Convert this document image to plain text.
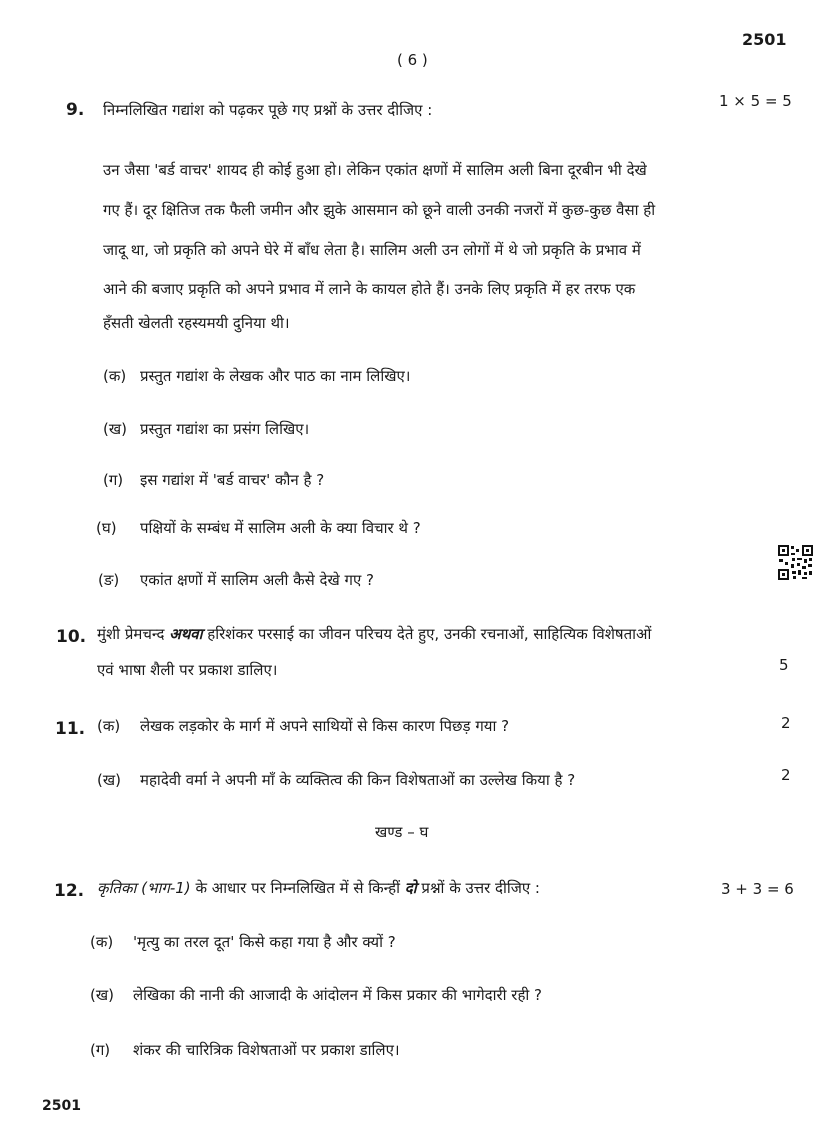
2501
( 6 )
9. निम्नलिखित गद्यांश को पढ़कर पूछे गए प्रश्नों के उत्तर दीजिए :	1 × 5 = 5
उन जैसा 'बर्ड वाचर' शायद ही कोई हुआ हो। लेकिन एकांत क्षणों में सालिम अली बिना दूरबीन भी देखे
गए हैं। दूर क्षितिज तक फैली जमीन और झुके आसमान को छूने वाली उनकी नजरों में कुछ-कुछ वैसा ही
जादू था, जो प्रकृति को अपने घेरे में बाँध लेता है। सालिम अली उन लोगों में थे जो प्रकृति के प्रभाव में
आने की बजाए प्रकृति को अपने प्रभाव में लाने के कायल होते हैं। उनके लिए प्रकृति में हर तरफ एक
हँसती खेलती रहस्यमयी दुनिया थी।
(क) प्रस्तुत गद्यांश के लेखक और पाठ का नाम लिखिए।
(ख) प्रस्तुत गद्यांश का प्रसंग लिखिए।
(ग) इस गद्यांश में 'बर्ड वाचर' कौन है ?
(घ) पक्षियों के सम्बंध में सालिम अली के क्या विचार थे ?
(ङ) एकांत क्षणों में सालिम अली कैसे देखे गए ?
10. मुंशी प्रेमचन्द अथवा हरिशंकर परसाई का जीवन परिचय देते हुए, उनकी रचनाओं, साहित्यिक विशेषताओं
एवं भाषा शैली पर प्रकाश डालिए।	5
11. (क) लेखक लड़कोर के मार्ग में अपने साथियों से किस कारण पिछड़ गया ?	2
(ख) महादेवी वर्मा ने अपनी माँ के व्यक्तित्व की किन विशेषताओं का उल्लेख किया है ?	2
खण्ड – घ
12. कृतिका (भाग-1) के आधार पर निम्नलिखित में से किन्हीं दो प्रश्नों के उत्तर दीजिए :	3 + 3 = 6
(क) 'मृत्यु का तरल दूत' किसे कहा गया है और क्यों ?
(ख) लेखिका की नानी की आजादी के आंदोलन में किस प्रकार की भागेदारी रही ?
(ग) शंकर की चारित्रिक विशेषताओं पर प्रकाश डालिए।
2501
